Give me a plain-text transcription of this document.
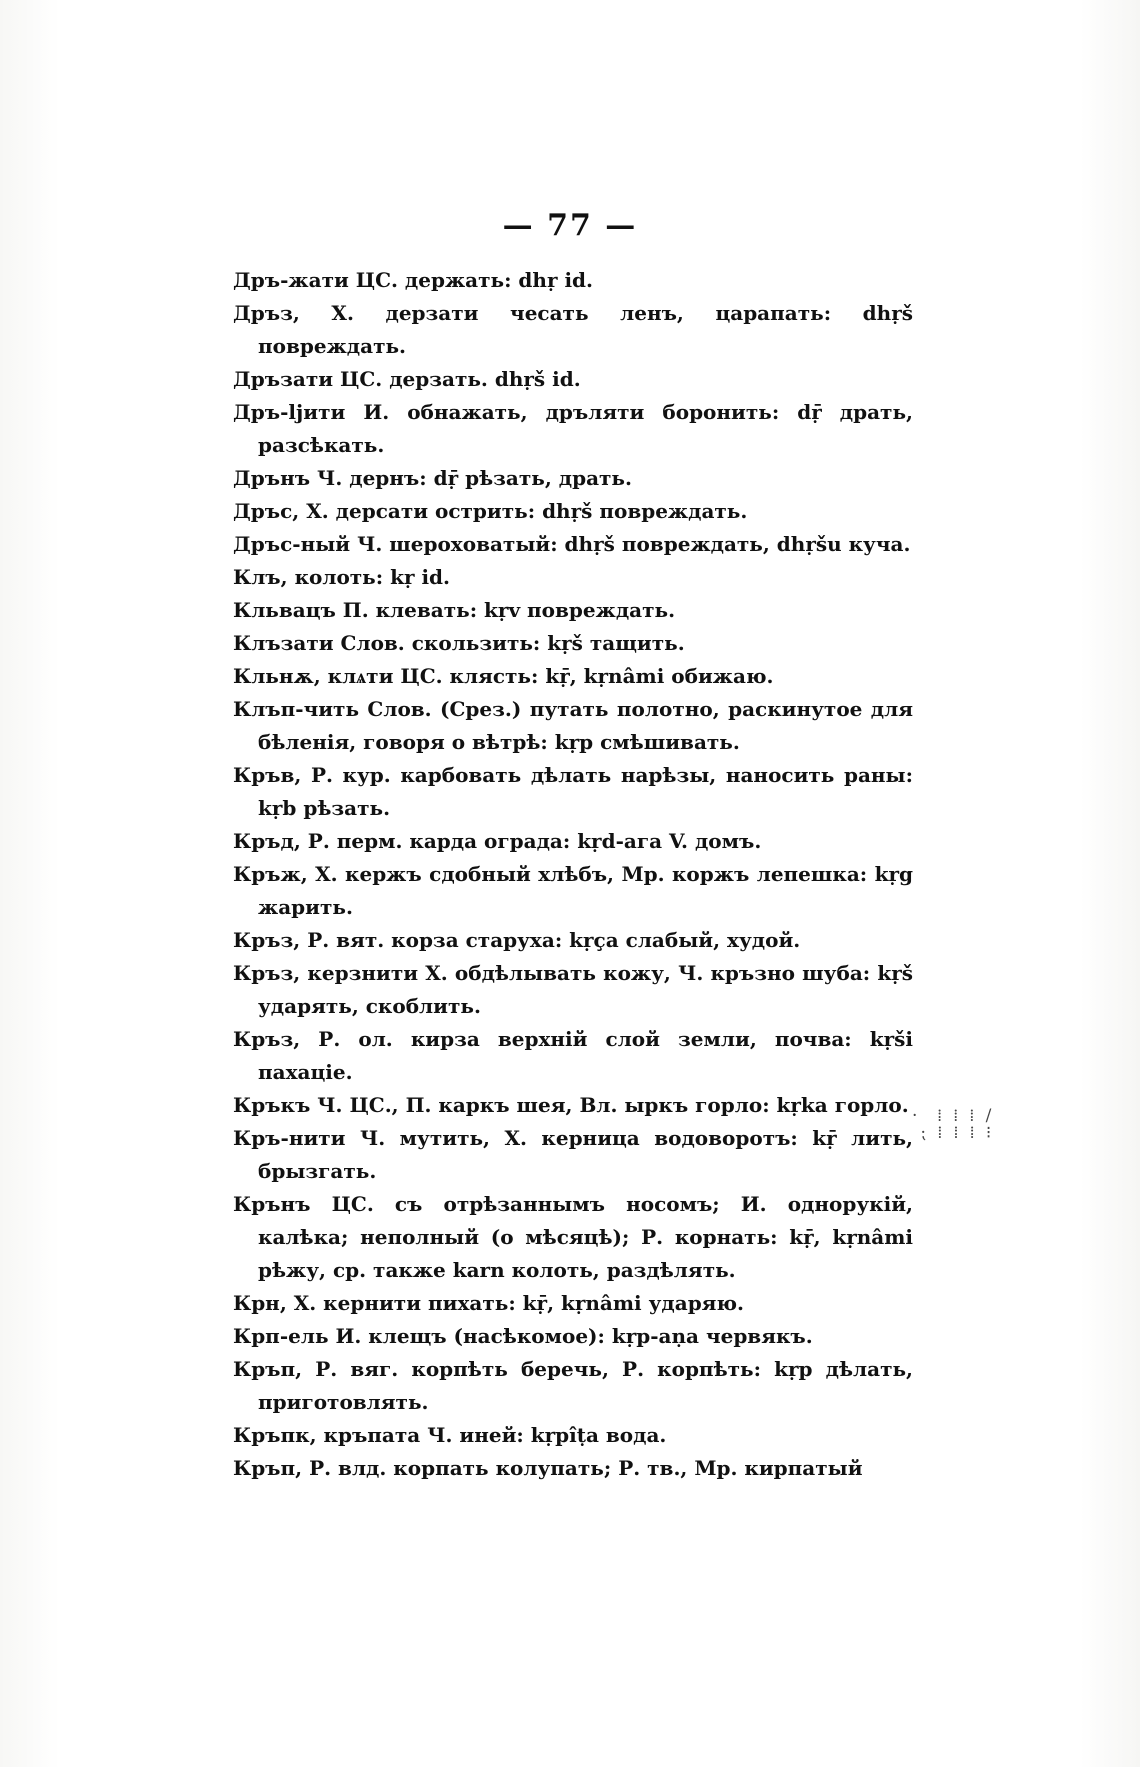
— 77 —

Дръ-жати ЦС. держать: dhṛ id.

Дръз, Х. дерзати чесать ленъ, царапать: dhṛš повреждать.

Дръзати ЦС. дерзать. dhṛš id.

Дръ-ljити И. обнажать, дръляти боронить: dṝ драть, разсѣкать.

Дрънъ Ч. дернъ: dṝ рѣзать, драть.

Дръс, Х. дерсати острить: dhṛš повреждать.

Дръс-ный Ч. шероховатый: dhṛš повреждать, dhṛšu куча.

Клъ, колоть: kṛ id.

Кльвацъ П. клевать: kṛv повреждать.

Клъзати Слов. скользить: kṛš тащить.

Кльнѫ, клѧти ЦС. клясть: kṝ, kṛnâmi обижаю.

Клъп-чить Слов. (Срез.) путать полотно, раскинутое для бѣленія, говоря о вѣтрѣ: kṛp смѣшивать.

Кръв, Р. кур. карбовать дѣлать нарѣзы, наносить раны: kṛb рѣзать.

Кръд, Р. перм. карда ограда: kṛd-ага V. домъ.

Кръж, Х. кержъ сдобный хлѣбъ, Мр. коржъ лепешка: kṛg жарить.

Кръз, Р. вят. корза старуха: kṛça слабый, худой.

Кръз, керзнити Х. обдѣлывать кожу, Ч. кръзно шуба: kṛš ударять, скоблить.

Кръз, Р. ол. кирза верхній слой земли, почва: kṛši пахаціе.

Кръкъ Ч. ЦС., П. каркъ шея, Вл. ыркъ горло: kṛka горло.

Кръ-нити Ч. мутить, Х. керница водоворотъ: kṝ лить, брызгать.

Крънъ ЦС. съ отрѣзаннымъ носомъ; И. однорукій, калѣка; неполный (о мѣсяцѣ); Р. корнать: kṝ, kṛnâmi рѣжу, ср. также karn колоть, раздѣлять.

Крн, Х. кернити пихать: kṝ, kṛnâmi ударяю.

Крп-ель И. клещъ (насѣкомое): kṛp-aṇa червякъ.

Кръп, Р. вяг. корпѣть беречь, Р. корпѣть: kṛp дѣлать, приготовлять.

Кръпк, кръпата Ч. иней: kṛpîṭa вода.

Кръп, Р. влд. корпать колупать; Р. тв., Мр. кирпатый

·  ⁞ ⁞ ⁞ /
⁏ ⁞ ⁞ ⁞ ⁝
